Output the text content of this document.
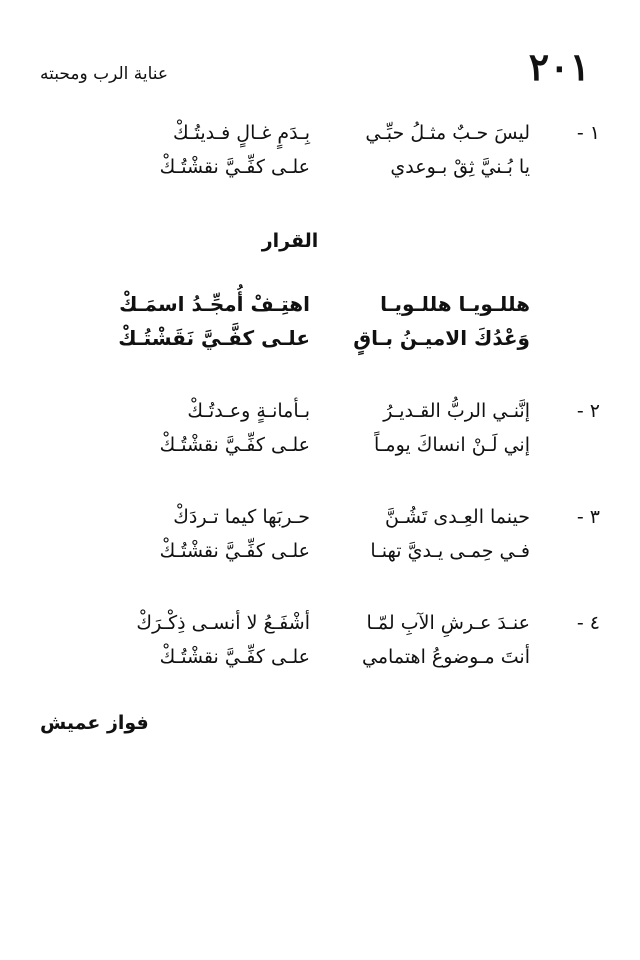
٢٠١
عناية الرب ومحبته
١ -
ليسَ حـبٌ مثـلُ حبِّـي
بِـدَمٍ غـالٍ فـديتُـكْ
يا بُـنيَّ ثِقْ بـوعدي
علـى كفِّـيَّ نقشْتُـكْ
القرار
هللـويـا هللـويـا
اهتِـفْ أُمجِّـدُ اسمَـكْ
وَعْدُكَ الاميـنُ بـاقٍ
علـى كفَّـيَّ نَقَشْتُـكْ
٢ -
إنَّنـي الربُّ القـديـرُ
بـأمانـةٍ وعـدتُـكْ
إني لَـنْ انساكَ يومـاً
علـى كفِّـيَّ نقشْتُـكْ
٣ -
حينما العِـدى تَشُـنَّ
حـربَها كيما تـردَكْ
فـي حِمـى يـديَّ تهنـا
علـى كفِّـيَّ نقشْتُـكْ
٤ -
عنـدَ عـرشِ الآبِ لمّـا
أشْفَـعُ لا أنسـى ذِكْـرَكْ
أنتَ مـوضوعُ اهتمامي
علـى كفِّـيَّ نقشْتُـكْ
فواز عميش
